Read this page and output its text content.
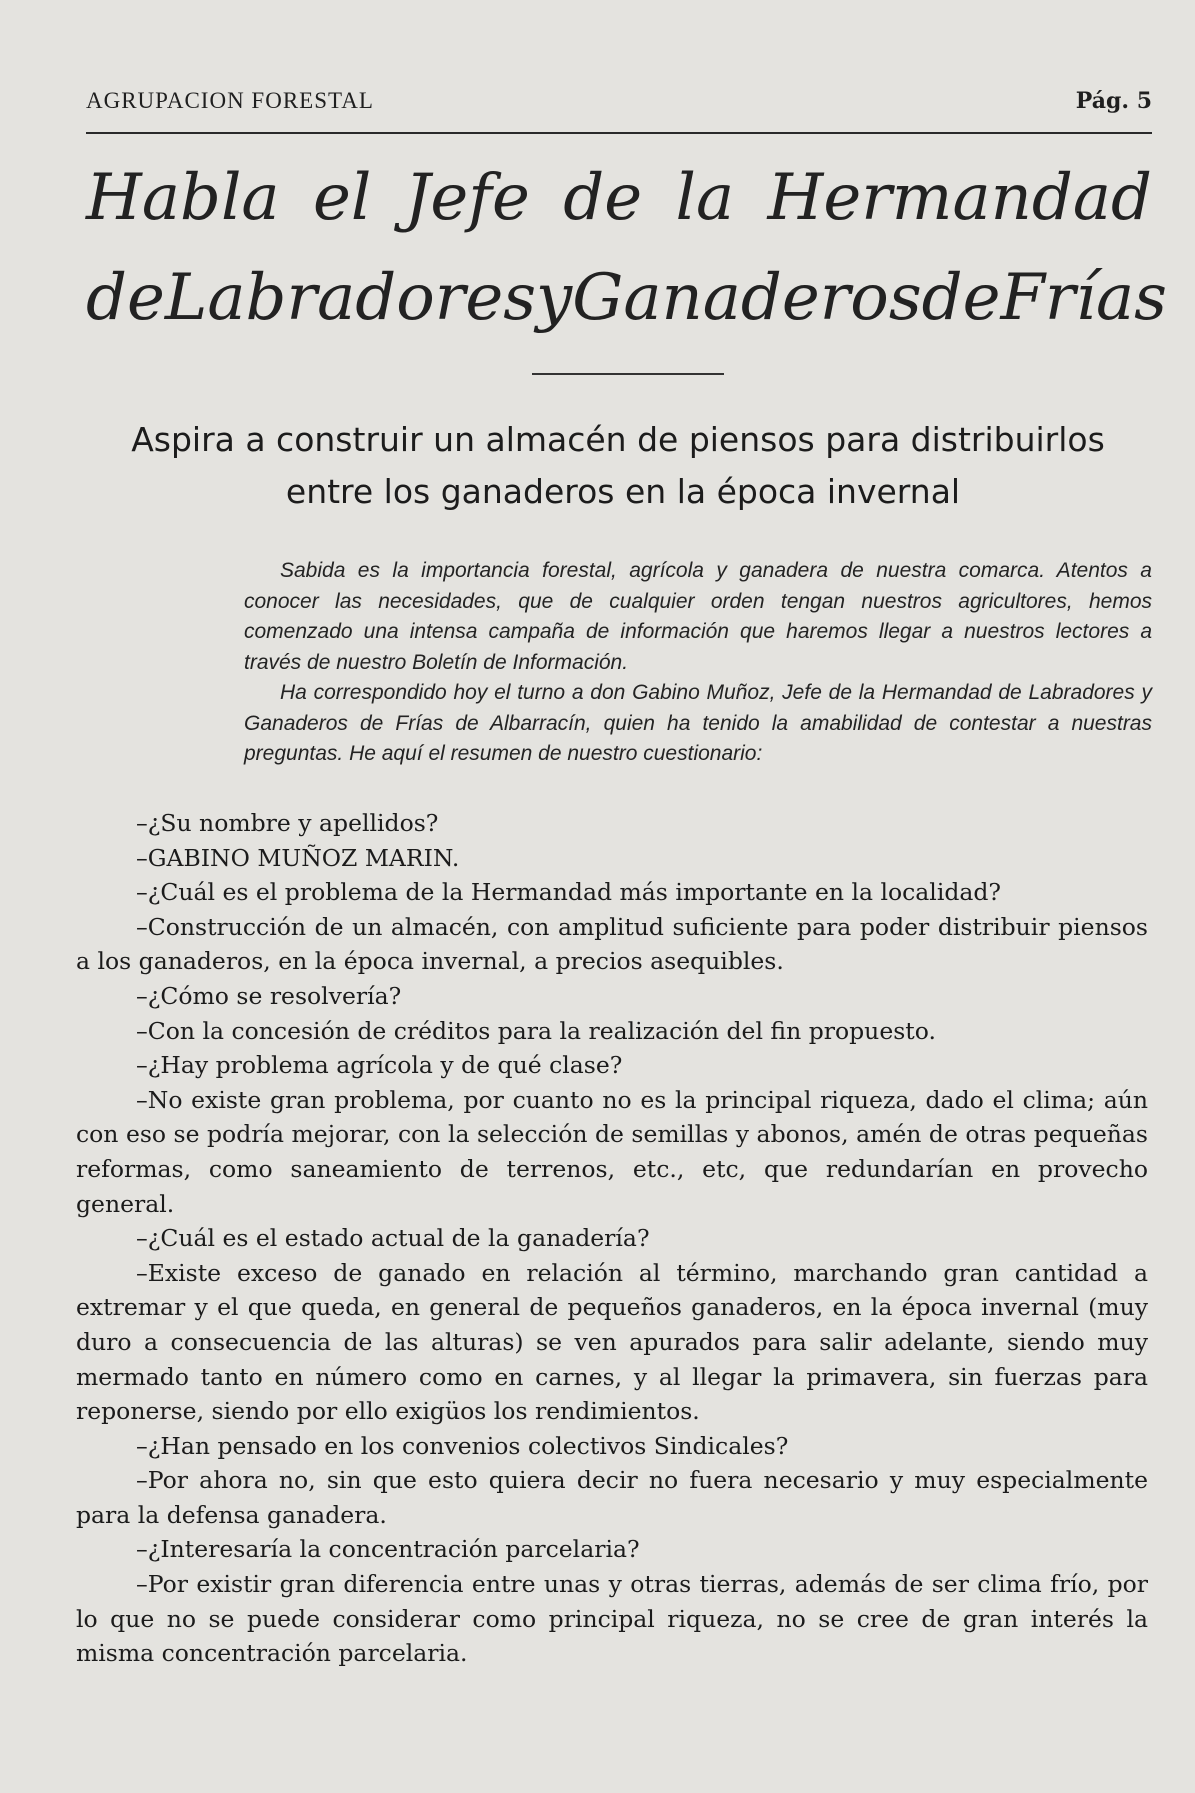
AGRUPACION FORESTAL	Pág. 5
Habla el Jefe de la Hermandad
de Labradores y Ganaderos de Frías
Aspira a construir un almacén de piensos para distribuirlos
entre los ganaderos en la época invernal

Sabida es la importancia forestal, agrícola y ganadera de nuestra comarca. Atentos a conocer las necesidades, que de cualquier orden tengan nuestros agricultores, hemos comenzado una intensa campaña de información que haremos llegar a nuestros lectores a través de nuestro Boletín de Información.

Ha correspondido hoy el turno a don Gabino Muñoz, Jefe de la Hermandad de Labradores y Ganaderos de Frías de Albarracín, quien ha tenido la amabilidad de contestar a nuestras preguntas. He aquí el resumen de nuestro cuestionario:

–¿Su nombre y apellidos?

–GABINO MUÑOZ MARIN.

–¿Cuál es el problema de la Hermandad más importante en la localidad?

–Construcción de un almacén, con amplitud suficiente para poder distribuir piensos a los ganaderos, en la época invernal, a precios asequibles.

–¿Cómo se resolvería?

–Con la concesión de créditos para la realización del fin propuesto.

–¿Hay problema agrícola y de qué clase?

–No existe gran problema, por cuanto no es la principal riqueza, dado el clima; aún con eso se podría mejorar, con la selección de semillas y abonos, amén de otras pequeñas reformas, como saneamiento de terrenos, etc., etc, que redundarían en provecho general.

–¿Cuál es el estado actual de la ganadería?

–Existe exceso de ganado en relación al término, marchando gran cantidad a extremar y el que queda, en general de pequeños ganaderos, en la época invernal (muy duro a consecuencia de las alturas) se ven apurados para salir adelante, siendo muy mermado tanto en número como en carnes, y al llegar la primavera, sin fuerzas para reponerse, siendo por ello exigüos los rendimientos.

–¿Han pensado en los convenios colectivos Sindicales?

–Por ahora no, sin que esto quiera decir no fuera necesario y muy especialmente para la defensa ganadera.

–¿Interesaría la concentración parcelaria?

–Por existir gran diferencia entre unas y otras tierras, además de ser clima frío, por lo que no se puede considerar como principal riqueza, no se cree de gran interés la misma concentración parcelaria.
